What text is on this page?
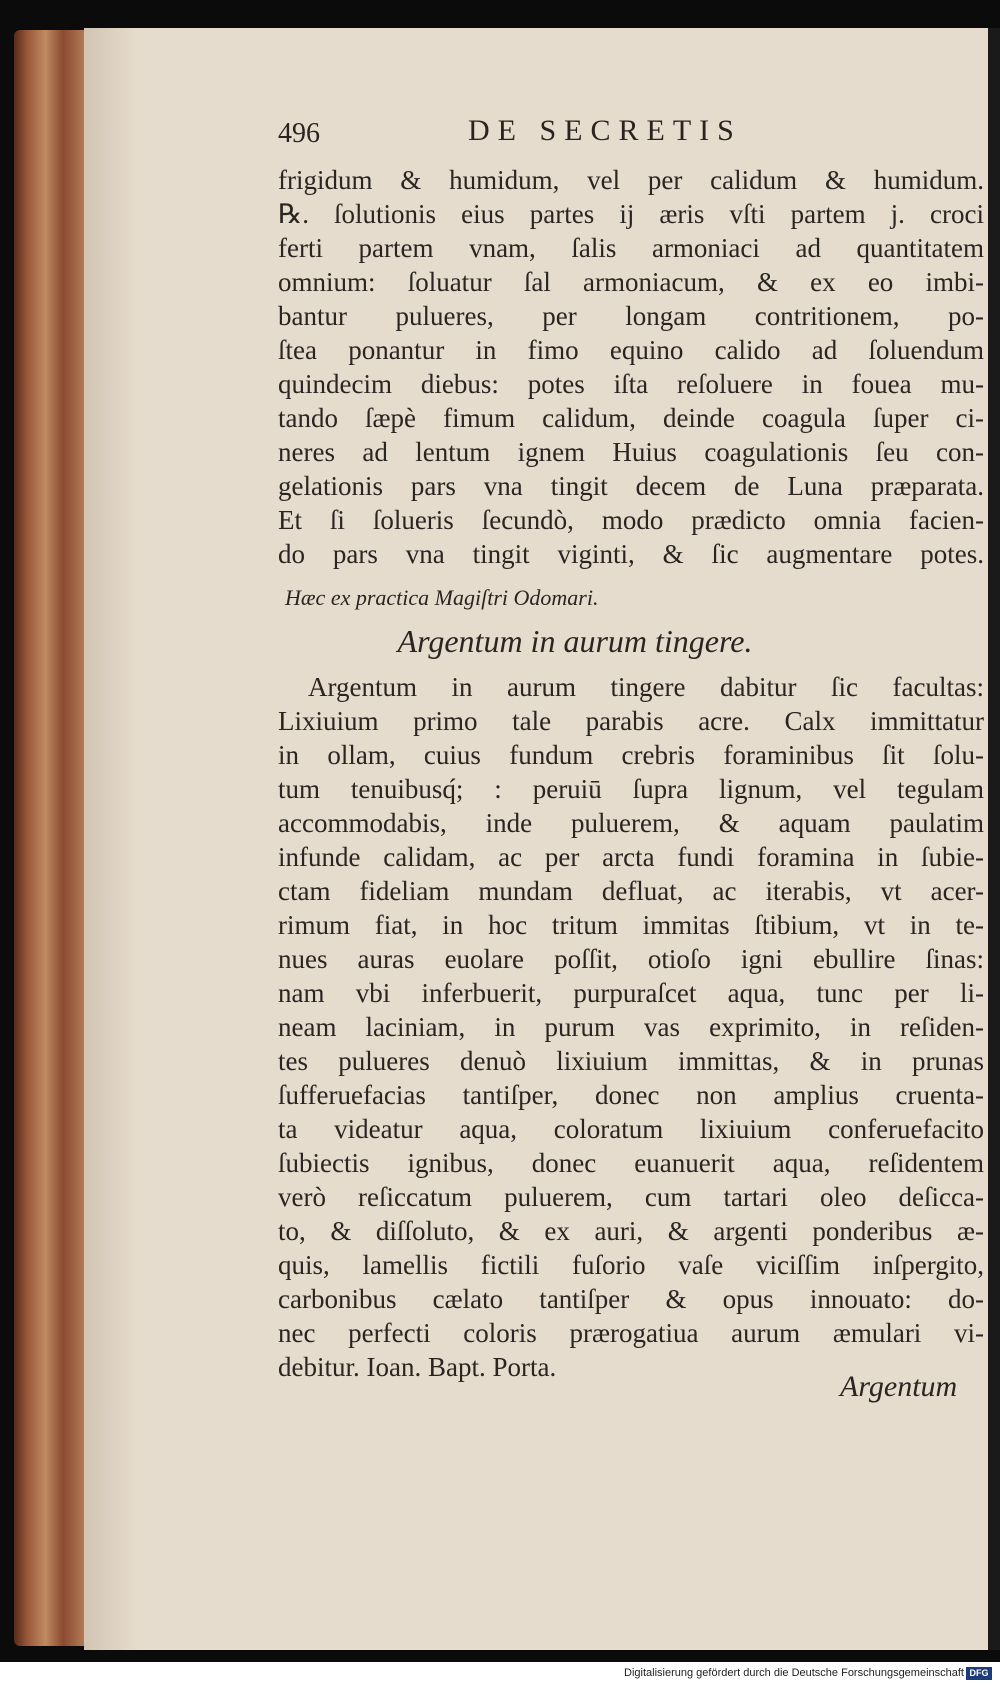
496	DE SECRETIS
frigidum & humidum, vel per calidum & humidum.
℞. ſolutionis eius partes ij æris vſti partem j. croci
ferti partem vnam, ſalis armoniaci ad quantitatem
omnium: ſoluatur ſal armoniacum, & ex eo imbi-
bantur pulueres, per longam contritionem, po-
ſtea ponantur in fimo equino calido ad ſoluendum
quindecim diebus: potes iſta reſoluere in fouea mu-
tando ſæpè fimum calidum, deinde coagula ſuper ci-
neres ad lentum ignem Huius coagulationis ſeu con-
gelationis pars vna tingit decem de Luna præparata.
Et ſi ſolueris ſecundò, modo prædicto omnia facien-
do pars vna tingit viginti, & ſic augmentare potes.
Hæc ex practica Magiſtri Odomari.
Argentum in aurum tingere.
Argentum in aurum tingere dabitur ſic facultas:
Lixiuium primo tale parabis acre. Calx immittatur
in ollam, cuius fundum crebris foraminibus ſit ſolu-
tum tenuibusq́; : peruiū ſupra lignum, vel tegulam
accommodabis, inde puluerem, & aquam paulatim
infunde calidam, ac per arcta fundi foramina in ſubie-
ctam fideliam mundam defluat, ac iterabis, vt acer-
rimum fiat, in hoc tritum immitas ſtibium, vt in te-
nues auras euolare poſſit, otioſo igni ebullire ſinas:
nam vbi inferbuerit, purpuraſcet aqua, tunc per li-
neam laciniam, in purum vas exprimito, in reſiden-
tes pulueres denuò lixiuium immittas, & in prunas
ſufferuefacias tantiſper, donec non amplius cruenta-
ta videatur aqua, coloratum lixiuium conferuefacito
ſubiectis ignibus, donec euanuerit aqua, reſidentem
verò reſiccatum puluerem, cum tartari oleo deſicca-
to, & diſſoluto, & ex auri, & argenti ponderibus æ-
quis, lamellis fictili fuſorio vaſe viciſſim inſpergito,
carbonibus cælato tantiſper & opus innouato: do-
nec perfecti coloris prærogatiua aurum æmulari vi-
debitur. Ioan. Bapt. Porta.
Argentum
Digitalisierung gefördert durch die Deutsche Forschungsgemeinschaft DFG
